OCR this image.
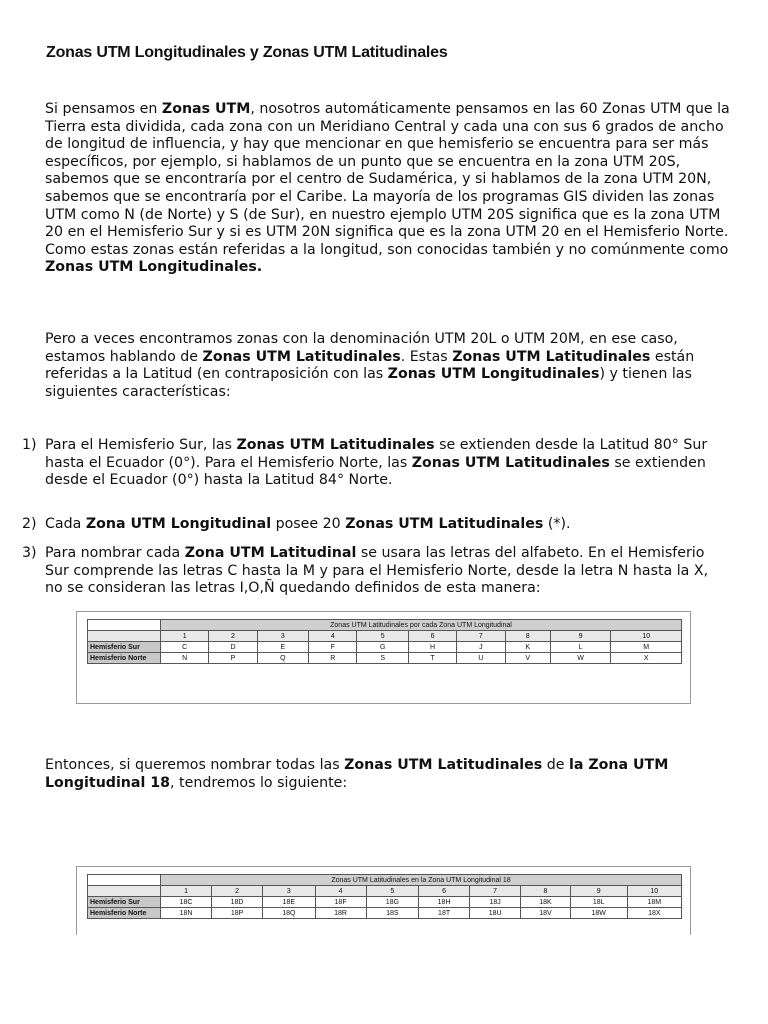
Zonas UTM Longitudinales y Zonas UTM Latitudinales
Si pensamos en Zonas UTM, nosotros automáticamente pensamos en las 60 Zonas UTM que la Tierra esta dividida, cada zona con un Meridiano Central y cada una con sus 6 grados de ancho de longitud de influencia, y hay que mencionar en que hemisferio se encuentra para ser más específicos, por ejemplo, si hablamos de un punto que se encuentra en la zona UTM 20S, sabemos que se encontraría por el centro de Sudamérica, y si hablamos de la zona UTM 20N, sabemos que se encontraría por el Caribe. La mayoría de los programas GIS dividen las zonas UTM como N (de Norte) y S (de Sur), en nuestro ejemplo UTM 20S significa que es la zona UTM 20 en el Hemisferio Sur y si es UTM 20N significa que es la zona UTM 20 en el Hemisferio Norte. Como estas zonas están referidas a la longitud, son conocidas también y no comúnmente como Zonas UTM Longitudinales.
Pero a veces encontramos zonas con la denominación UTM 20L o UTM 20M, en ese caso, estamos hablando de Zonas UTM Latitudinales. Estas Zonas UTM Latitudinales están referidas a la Latitud (en contraposición con las Zonas UTM Longitudinales) y tienen las siguientes características:
1) Para el Hemisferio Sur, las Zonas UTM Latitudinales se extienden desde la Latitud 80° Sur hasta el Ecuador (0°). Para el Hemisferio Norte, las Zonas UTM Latitudinales se extienden desde el Ecuador (0°) hasta la Latitud 84° Norte.
2) Cada Zona UTM Longitudinal posee 20 Zonas UTM Latitudinales (*).
3) Para nombrar cada Zona UTM Latitudinal se usara las letras del alfabeto. En el Hemisferio Sur comprende las letras C hasta la M y para el Hemisferio Norte, desde la letra N hasta la X, no se consideran las letras I,O,Ñ quedando definidos de esta manera:
	Zonas UTM Latitudinales por cada Zona UTM Longitudinal									
	1	2	3	4	5	6	7	8	9	10
Hemisferio Sur	C	D	E	F	G	H	J	K	L	M
Hemisferio Norte	N	P	Q	R	S	T	U	V	W	X
Entonces, si queremos nombrar todas las Zonas UTM Latitudinales de la Zona UTM Longitudinal 18, tendremos lo siguiente:
	Zonas UTM Latitudinales en la Zona UTM Longitudinal 18									
	1	2	3	4	5	6	7	8	9	10
Hemisferio Sur	18C	18D	18E	18F	18G	18H	18J	18K	18L	18M
Hemisferio Norte	18N	18P	18Q	18R	18S	18T	18U	18V	18W	18X
